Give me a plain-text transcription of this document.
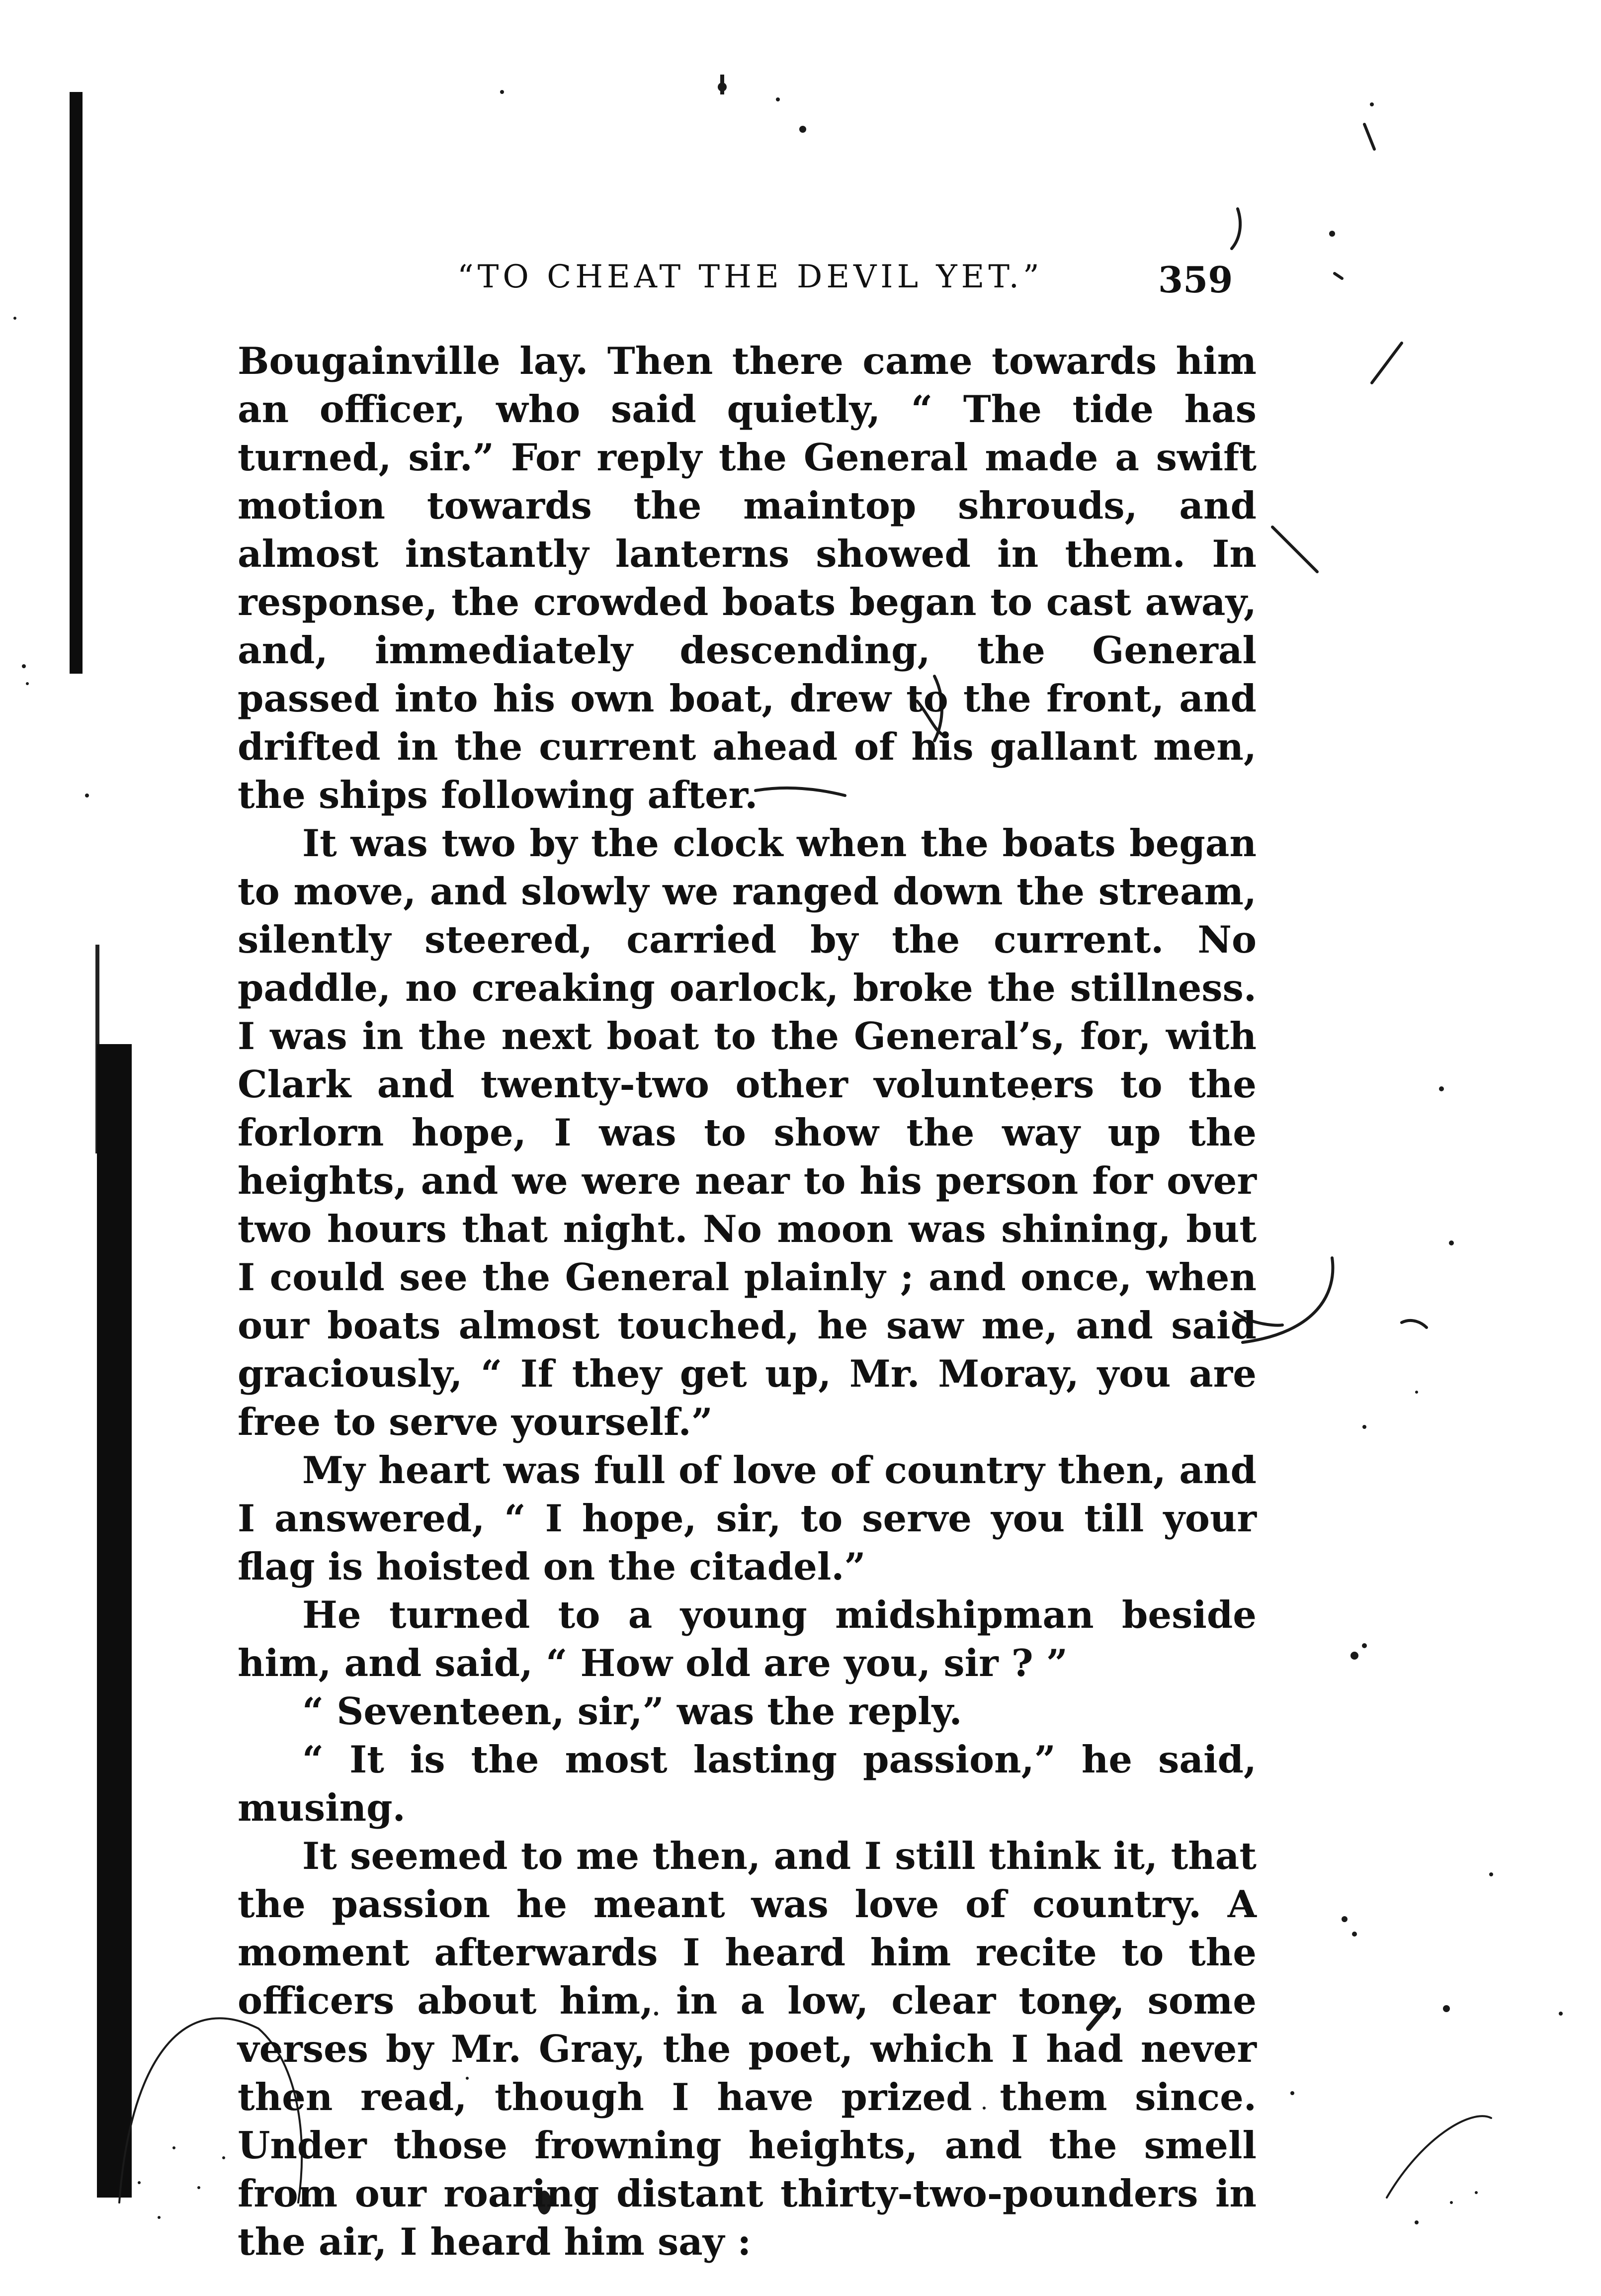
“TO CHEAT THE DEVIL YET.”	359

Bougainville lay. Then there came towards him an officer, who said quietly, “ The tide has turned, sir.” For reply the General made a swift motion towards the maintop shrouds, and almost instantly lanterns showed in them. In response, the crowded boats began to cast away, and, immediately descending, the General passed into his own boat, drew to the front, and drifted in the current ahead of his gallant men, the ships following after.

It was two by the clock when the boats began to move, and slowly we ranged down the stream, silently steered, carried by the current. No paddle, no creaking oarlock, broke the stillness. I was in the next boat to the General’s, for, with Clark and twenty-two other volunteers to the forlorn hope, I was to show the way up the heights, and we were near to his person for over two hours that night. No moon was shining, but I could see the General plainly ; and once, when our boats almost touched, he saw me, and said graciously, “ If they get up, Mr. Moray, you are free to serve yourself.”

My heart was full of love of country then, and I answered, “ I hope, sir, to serve you till your flag is hoisted on the citadel.”

He turned to a young midshipman beside him, and said, “ How old are you, sir ? ”

“ Seventeen, sir,” was the reply.

“ It is the most lasting passion,” he said, musing.

It seemed to me then, and I still think it, that the passion he meant was love of country. A moment afterwards I heard him recite to the officers about him, in a low, clear tone, some verses by Mr. Gray, the poet, which I had never then read, though I have prized them since. Under those frowning heights, and the smell from our roaring distant thirty-two-pounders in the air, I heard him say :
